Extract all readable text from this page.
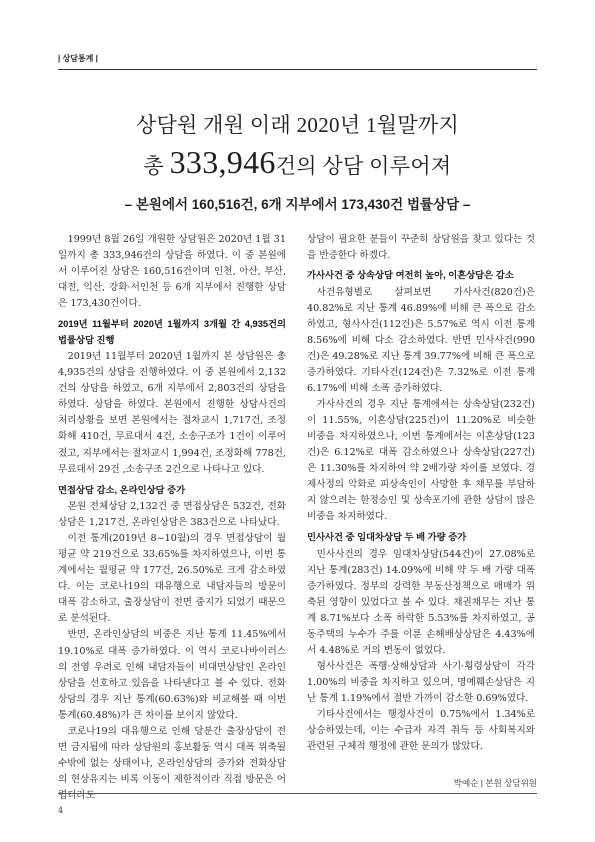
| 상담통계 |
상담원 개원 이래 2020년 1월말까지
총 333,946건의 상담 이루어져
– 본원에서 160,516건, 6개 지부에서 173,430건 법률상담 –

1999년 8월 26일 개원한 상담원은 2020년 1월 31일까지 총 333,946건의 상담을 하였다. 이 중 본원에서 이루어진 상담은 160,516건이며 인천, 아산, 부산, 대전, 익산, 강화·서인천 등 6개 지부에서 진행한 상담은 173,430건이다.

2019년 11월부터 2020년 1월까지 3개월 간 4,935건의 법률상담 진행

2019년 11월부터 2020년 1월까지 본 상담원은 총 4,935건의 상담을 진행하였다. 이 중 본원에서 2,132건의 상담을 하였고, 6개 지부에서 2,803건의 상담을 하였다. 상담을 하였다. 본원에서 진행한 상담사건의 처리상황을 보면 본원에서는 절차교시 1,717건, 조정화해 410건, 무료대서 4건, 소송구조가 1건이 이루어졌고, 지부에서는 절차교시 1,994건, 조정화해 778건, 무료대서 29건 ,소송구조 2건으로 나타나고 있다.

면접상담 감소, 온라인상담 증가

본원 전체상담 2,132건 중 면접상담은 532건, 전화상담은 1,217건, 온라인상담은 383건으로 나타났다.

이전 통계(2019년 8~10월)의 경우 면접상담이 월평균 약 219건으로 33.65%를 차지하였으나, 이번 통계에서는 월평균 약 177건, 26.50%로 크게 감소하였다. 이는 코로나19의 대유행으로 내담자들의 방문이 대폭 감소하고, 출장상담이 전면 중지가 되었기 때문으로 분석된다.

반면, 온라인상담의 비중은 지난 통계 11.45%에서 19.10%로 대폭 증가하였다. 이 역시 코로나바이러스의 전염 우려로 인해 내담자들이 비대면상담인 온라인상담을 선호하고 있음을 나타낸다고 볼 수 있다. 전화상담의 경우 지난 통계(60.63%)와 비교해볼 때 이번 통계(60.48%)가 큰 차이를 보이지 않았다.

코로나19의 대유행으로 인해 당분간 출장상담이 전면 금지됨에 따라 상담원의 홍보활동 역시 대폭 위축될 수밖에 없는 상태이나, 온라인상담의 증가와 전화상담의 현상유지는 비록 이동이 제한적이라 직접 방문은 어렵더라도

상담이 필요한 분들이 꾸준히 상담원을 찾고 있다는 것을 반증한다 하겠다.

가사사건 중 상속상담 여전히 높아, 이혼상담은 감소

사건유형별로 살펴보면 가사사건(820건)은 40.82%로 지난 통계 46.89%에 비해 큰 폭으로 감소하였고, 형사사건(112건)은 5.57%로 역시 이전 통계 8.56%에 비해 다소 감소하였다. 반면 민사사건(990건)은 49.28%로 지난 통계 39.77%에 비해 큰 폭으로 증가하였다. 기타사건(124건)은 7.32%로 이전 통계 6.17%에 비해 소폭 증가하였다.

가사사건의 경우 지난 통계에서는 상속상담(232건)이 11.55%, 이혼상담(225건)이 11.20%로 비슷한 비중을 차지하였으나, 이번 통계에서는 이혼상담(123건)은 6.12%로 대폭 감소하였으나 상속상담(227건)은 11.30%를 차지하여 약 2배가량 차이를 보였다. 경제사정의 악화로 피상속인이 사망한 후 채무를 부담하지 않으려는 한정승인 및 상속포기에 관한 상담이 많은 비중을 차지하였다.

민사사건 중 임대차상담 두 배 가량 증가

민사사건의 경우 임대차상담(544건)이 27.08%로 지난 통계(283건) 14.09%에 비해 약 두 배 가량 대폭 증가하였다. 정부의 강력한 부동산정책으로 매매가 위축된 영향이 있었다고 볼 수 있다. 채권채무는 지난 통계 8.71%보다 소폭 하락한 5.53%를 차지하였고, 공동주택의 누수가 주를 이룬 손해배상상담은 4.43%에서 4.48%로 거의 변동이 없었다.

형사사건은 폭행·상해상담과 사기·횡령상담이 각각 1.00%의 비중을 차지하고 있으며, 명예훼손상담은 지난 통계 1.19%에서 절반 가까이 감소한 0.69%였다.

기타사건에서는 행정사건이 0.75%에서 1.34%로 상승하였는데, 이는 수급자 자격 취득 등 사회복지와 관련된 구체적 행정에 관한 문의가 많았다.

박예순 | 본원 상담위원
4
